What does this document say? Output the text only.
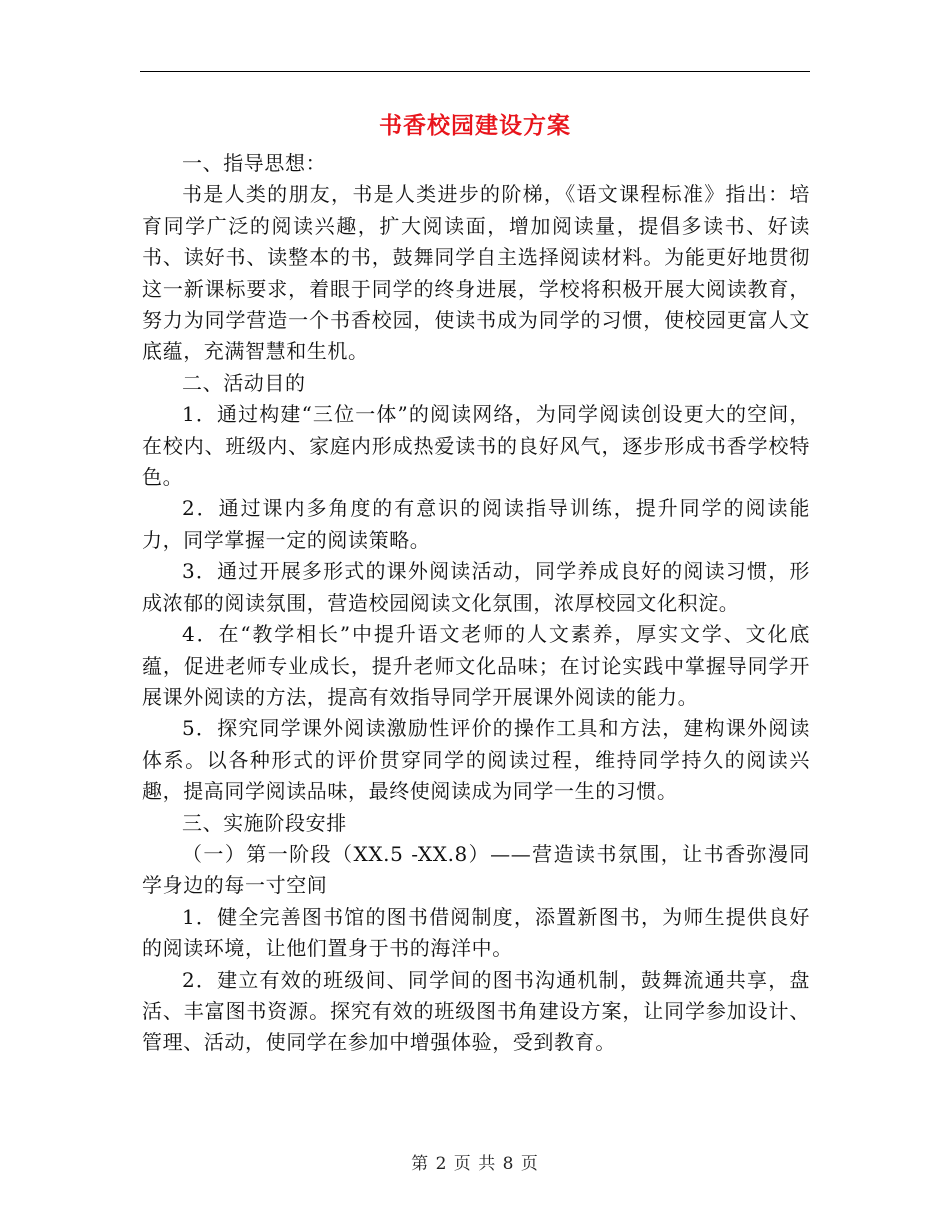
书香校园建设方案

一、指导思想：

书是人类的朋友，书是人类进步的阶梯，《语文课程标准》指出：培育同学广泛的阅读兴趣，扩大阅读面，增加阅读量，提倡多读书、好读书、读好书、读整本的书，鼓舞同学自主选择阅读材料。为能更好地贯彻这一新课标要求，着眼于同学的终身进展，学校将积极开展大阅读教育，努力为同学营造一个书香校园，使读书成为同学的习惯，使校园更富人文底蕴，充满智慧和生机。

二、活动目的

1．通过构建“三位一体”的阅读网络，为同学阅读创设更大的空间，在校内、班级内、家庭内形成热爱读书的良好风气，逐步形成书香学校特色。

2．通过课内多角度的有意识的阅读指导训练，提升同学的阅读能力，同学掌握一定的阅读策略。

3．通过开展多形式的课外阅读活动，同学养成良好的阅读习惯，形成浓郁的阅读氛围，营造校园阅读文化氛围，浓厚校园文化积淀。

4．在“教学相长”中提升语文老师的人文素养，厚实文学、文化底蕴，促进老师专业成长，提升老师文化品味；在讨论实践中掌握导同学开展课外阅读的方法，提高有效指导同学开展课外阅读的能力。

5．探究同学课外阅读激励性评价的操作工具和方法，建构课外阅读体系。以各种形式的评价贯穿同学的阅读过程，维持同学持久的阅读兴趣，提高同学阅读品味，最终使阅读成为同学一生的习惯。

三、实施阶段安排

（一）第一阶段（XX.5 -XX.8）——营造读书氛围，让书香弥漫同学身边的每一寸空间

1．健全完善图书馆的图书借阅制度，添置新图书，为师生提供良好的阅读环境，让他们置身于书的海洋中。

2．建立有效的班级间、同学间的图书沟通机制，鼓舞流通共享，盘活、丰富图书资源。探究有效的班级图书角建设方案，让同学参加设计、管理、活动，使同学在参加中增强体验，受到教育。

第 2 页 共 8 页
